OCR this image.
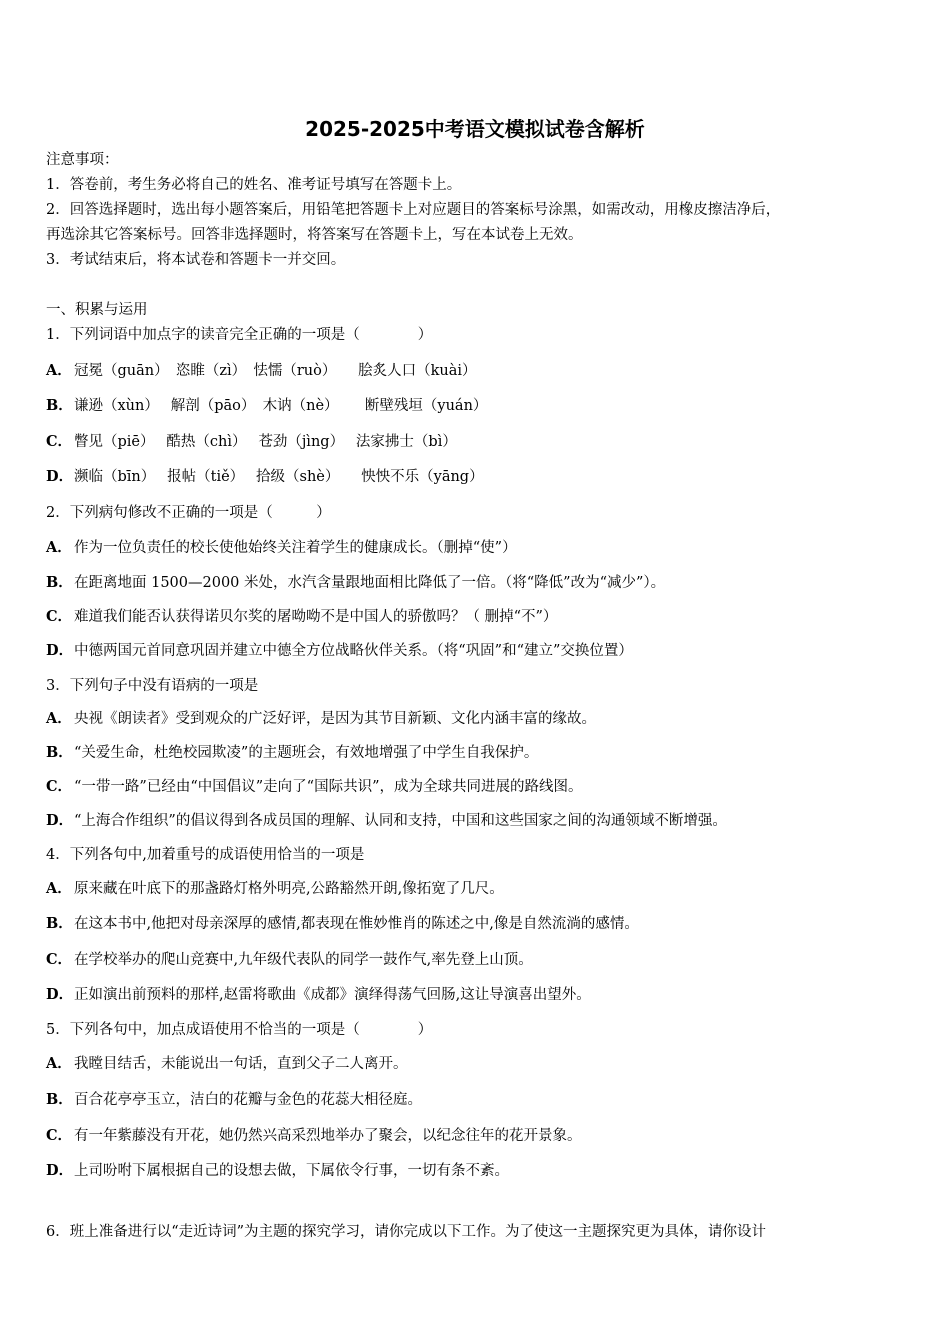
2025-2025中考语文模拟试卷含解析
注意事项：
1．答卷前，考生务必将自己的姓名、准考证号填写在答题卡上。
2．回答选择题时，选出每小题答案后，用铅笔把答题卡上对应题目的答案标号涂黑，如需改动，用橡皮擦洁净后，
再选涂其它答案标号。回答非选择题时，将答案写在答题卡上，写在本试卷上无效。
3．考试结束后，将本试卷和答题卡一并交回。
一、积累与运用
1．下列词语中加点字的读音完全正确的一项是（　　　　）
A． 冠冕（guān）　恣睢（zì）　怯懦（ruò）　　脍炙人口（kuài）
B．谦逊（xùn）　 解剖（pāo）　木讷（nè）　　 断壁残垣（yuán）
C． 瞥见（piē）　 酷热（chì）　 苍劲（jìng）　 法家拂士（bì）
D．濒临（bīn）　 报帖（tiě）　 拾级（shè）　　怏怏不乐（yāng）
2．下列病句修改不正确的一项是（　　　）
A． 作为一位负责任的校长使他始终关注着学生的健康成长。（删掉“使”）
B．在距离地面 1500—2000 米处，水汽含量跟地面相比降低了一倍。（将“降低”改为“减少”）。
C． 难道我们能否认获得诺贝尔奖的屠呦呦不是中国人的骄傲吗？（ 删掉“不”）
D．中德两国元首同意巩固并建立中德全方位战略伙伴关系。（将“巩固”和“建立”交换位置）
3．下列句子中没有语病的一项是
A． 央视《朗读者》受到观众的广泛好评，是因为其节目新颖、文化内涵丰富的缘故。
B．“关爱生命，杜绝校园欺凌”的主题班会，有效地增强了中学生自我保护。
C． “一带一路”已经由“中国倡议”走向了“国际共识”，成为全球共同进展的路线图。
D．“上海合作组织”的倡议得到各成员国的理解、认同和支持，中国和这些国家之间的沟通领域不断增强。
4．下列各句中,加着重号的成语使用恰当的一项是
A． 原来藏在叶底下的那盏路灯格外明亮,公路豁然开朗,像拓宽了几尺。
B．在这本书中,他把对母亲深厚的感情,都表现在惟妙惟肖的陈述之中,像是自然流淌的感情。
C． 在学校举办的爬山竞赛中,九年级代表队的同学一鼓作气,率先登上山顶。
D．正如演出前预料的那样,赵雷将歌曲《成都》演绎得荡气回肠,这让导演喜出望外。
5．下列各句中，加点成语使用不恰当的一项是（　　　　）
A． 我瞠目结舌，未能说出一句话，直到父子二人离开。
B．百合花亭亭玉立，洁白的花瓣与金色的花蕊大相径庭。
C． 有一年紫藤没有开花，她仍然兴高采烈地举办了聚会，以纪念往年的花开景象。
D．上司吩咐下属根据自己的设想去做，下属依令行事，一切有条不紊。
6．班上准备进行以“走近诗词”为主题的探究学习，请你完成以下工作。为了使这一主题探究更为具体，请你设计
